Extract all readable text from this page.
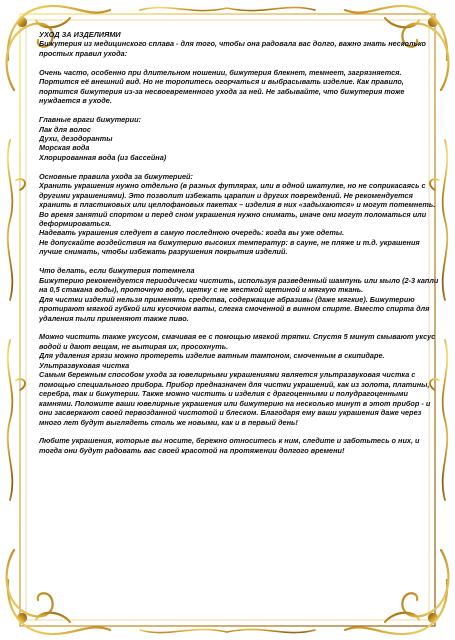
УХОД ЗА ИЗДЕЛИЯМИ

Бижутерия из медицинского сплава - для того, чтобы она радовала вас долго, важно знать несколько простых правил ухода:

Очень часто, особенно при длительном ношении, бижутерия блекнет, темнеет, загрязняется. Портится её внешний вид. Но не торопитесь огорчаться и выбрасывать изделие. Как правило, портится бижутерия из-за несвоевременного ухода за ней. Не забывайте, что бижутерия тоже нуждается в уходе.

Главные враги бижутерии:

Лак для волос

Духи, дезодоранты

Морская вода

Хлорированная вода (из бассейна)

Основные правила ухода за бижутерией:

Хранить украшения нужно отдельно (в разных футлярах, или в одной шкатулке, но не соприкасаясь с другими украшениями). Это позволит избежать царапин и других повреждений. Не рекомендуется хранить в пластиковых или целлофановых пакетах – изделия в них «задыхаются» и могут потемнеть.

Во время занятий спортом и перед сном украшения нужно снимать, иначе они могут поломаться или деформироваться.

Надевать украшения следует в самую последнюю очередь: когда вы уже одеты.

Не допускайте воздействия на бижутерию высоких температур: в сауне, не пляже и т.д. украшения лучше снимать, чтобы избежать разрушения покрытия изделий.

Что делать, если бижутерия потемнела

Бижутерию рекомендуется периодически чистить, используя разведенный шампунь или мыло (2-3 капли на 0,5 стакана воды), проточную воду, щетку с не жесткой щетиной и мягкую ткань.

Для чистки изделий нельзя применять средства, содержащие абразивы (даже мягкие). Бижутерию протирают мягкой губкой или кусочком ваты, слегка смоченной в винном спирте. Вместо спирта для удаления пыли применяют также пиво.

Можно чистить также уксусом, смачивая ее с помощью мягкой тряпки. Спустя 5 минут смывают уксус водой и дают вещам, не вытирая их, просохнуть.

Для удаления грязи можно протереть изделие ватным тампоном, смоченным в скипидаре.

Ультразвуковая чистка

Самым бережным способом ухода за ювелирными украшениями является ультразвуковая чистка с помощью специального прибора. Прибор предназначен для чистки украшений, как из золота, платины, серебра, так и бижутерии. Также можно чистить и изделия с драгоценными и полудрагоценными камнями. Положите ваши ювелирные украшения или бижутерию на несколько минут в этот прибор - и они засверкают своей первозданной чистотой и блеском. Благодаря ему ваши украшения даже через много лет будут выглядеть столь же новыми, как и в первый день!

Любите украшения, которые вы носите, бережно относитесь к ним, следите и заботьтесь о них, и тогда они будут радовать вас своей красотой на протяжении долгого времени!
